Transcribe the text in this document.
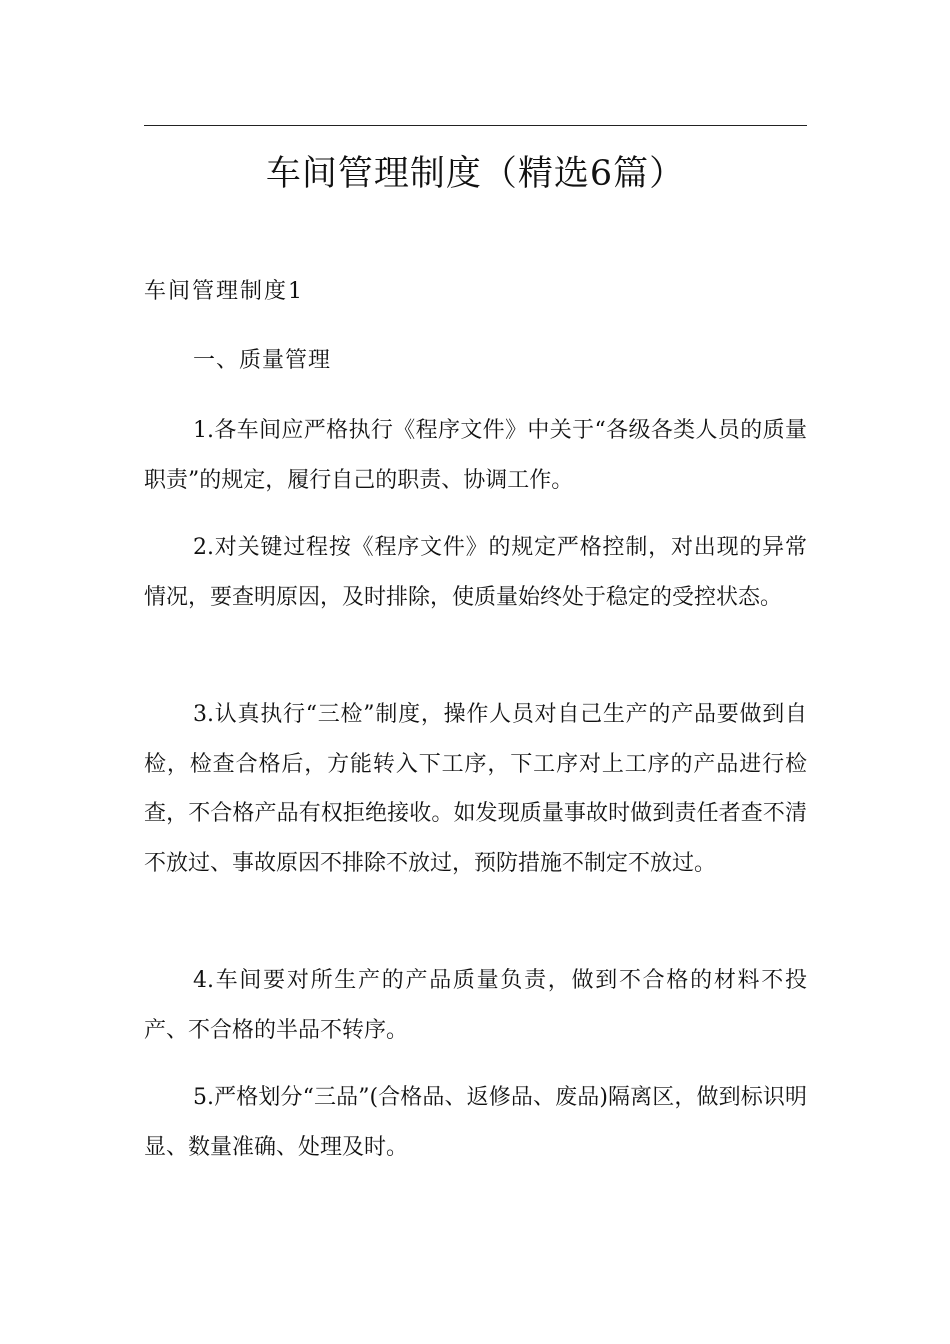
车间管理制度（精选6篇）
车间管理制度1
一、质量管理

1.各车间应严格执行《程序文件》中关于“各级各类人员的质量职责”的规定，履行自己的职责、协调工作。

2.对关键过程按《程序文件》的规定严格控制，对出现的异常情况，要查明原因，及时排除，使质量始终处于稳定的受控状态。

3.认真执行“三检”制度，操作人员对自己生产的产品要做到自检，检查合格后，方能转入下工序，下工序对上工序的产品进行检查，不合格产品有权拒绝接收。如发现质量事故时做到责任者查不清不放过、事故原因不排除不放过，预防措施不制定不放过。

4.车间要对所生产的产品质量负责，做到不合格的材料不投产、不合格的半品不转序。

5.严格划分“三品”(合格品、返修品、废品)隔离区，做到标识明显、数量准确、处理及时。
